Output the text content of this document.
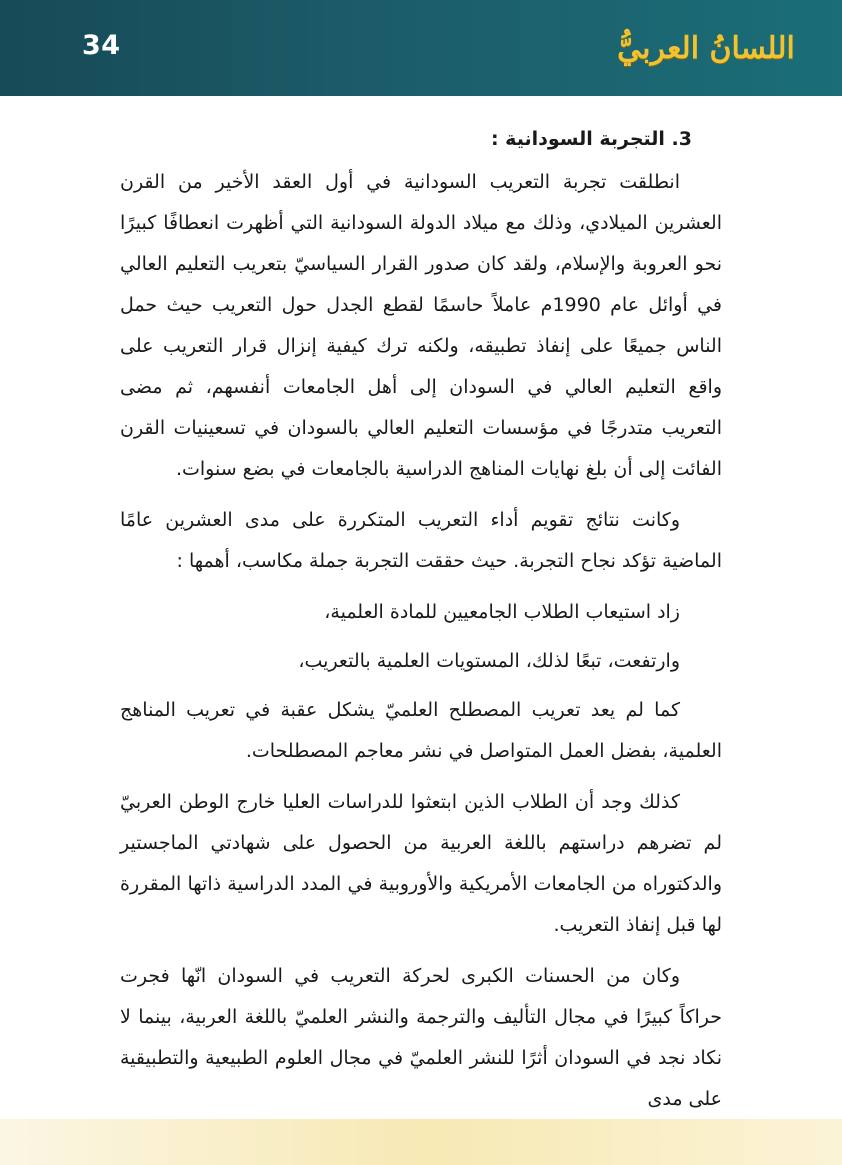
34	اللسانُ العربيُّ
3. التجربة السودانية :

انطلقت تجربة التعريب السودانية في أول العقد الأخير من القرن العشرين الميلادي، وذلك مع ميلاد الدولة السودانية التي أظهرت انعطافًا كبيرًا نحو العروبة والإسلام، ولقد كان صدور القرار السياسيّ بتعريب التعليم العالي في أوائل عام 1990م عاملاً حاسمًا لقطع الجدل حول التعريب حيث حمل الناس جميعًا على إنفاذ تطبيقه، ولكنه ترك كيفية إنزال قرار التعريب على واقع التعليم العالي في السودان إلى أهل الجامعات أنفسهم، ثم مضى التعريب متدرجًا في مؤسسات التعليم العالي بالسودان في تسعينيات القرن الفائت إلى أن بلغ نهايات المناهج الدراسية بالجامعات في بضع سنوات.

وكانت نتائج تقويم أداء التعريب المتكررة على مدى العشرين عامًا الماضية تؤكد نجاح التجربة. حيث حققت التجربة جملة مكاسب، أهمها :

زاد استيعاب الطلاب الجامعيين للمادة العلمية،

وارتفعت، تبعًا لذلك، المستويات العلمية بالتعريب،

كما لم يعد تعريب المصطلح العلميّ يشكل عقبة في تعريب المناهج العلمية، بفضل العمل المتواصل في نشر معاجم المصطلحات.

كذلك وجد أن الطلاب الذين ابتعثوا للدراسات العليا خارج الوطن العربيّ لم تضرهم دراستهم باللغة العربية من الحصول على شهادتي الماجستير والدكتوراه من الجامعات الأمريكية والأوروبية في المدد الدراسية ذاتها المقررة لها قبل إنفاذ التعريب.

وكان من الحسنات الكبرى لحركة التعريب في السودان انّها فجرت حراكاً كبيرًا في مجال التأليف والترجمة والنشر العلميّ باللغة العربية، بينما لا نكاد نجد في السودان أثرًا للنشر العلميّ في مجال العلوم الطبيعية والتطبيقية على مدى
